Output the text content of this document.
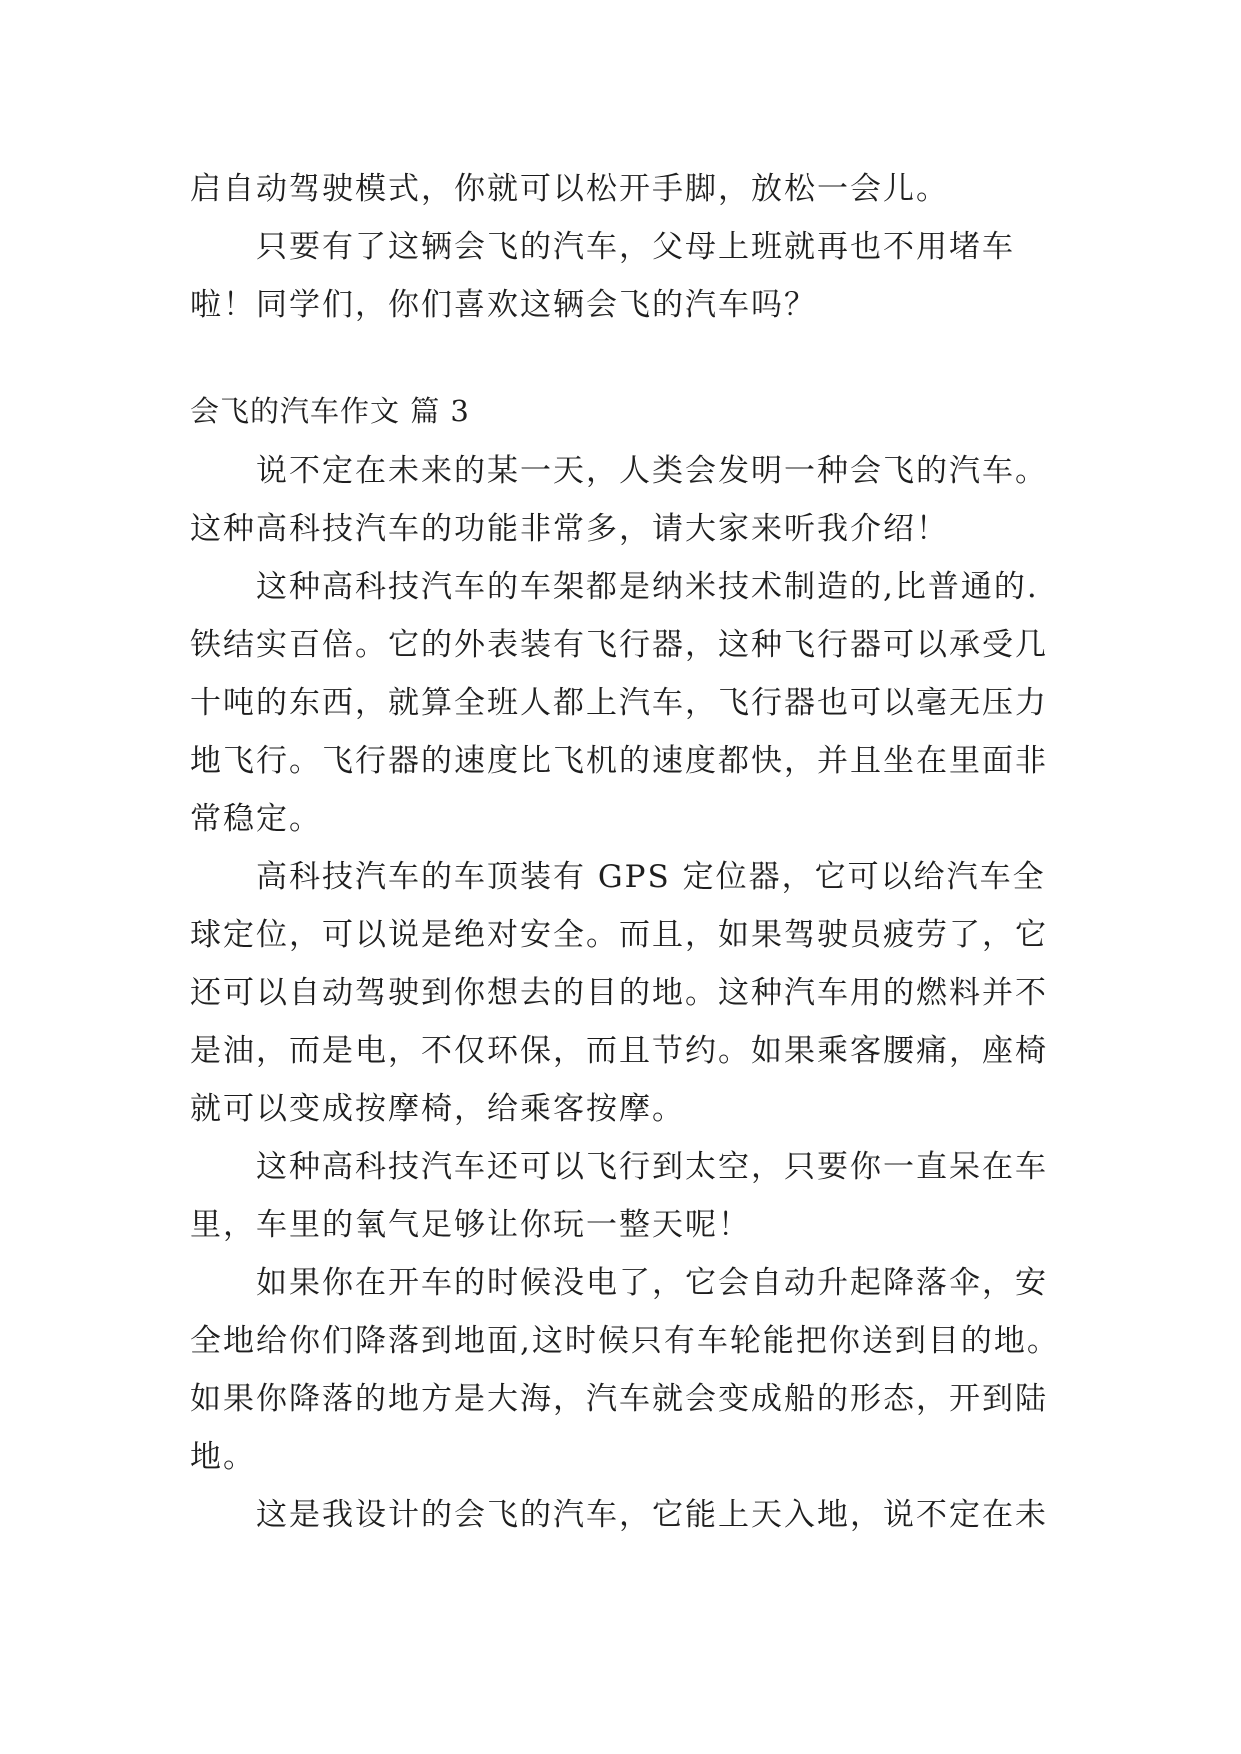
启自动驾驶模式，你就可以松开手脚，放松一会儿。

只要有了这辆会飞的汽车，父母上班就再也不用堵车啦！同学们，你们喜欢这辆会飞的汽车吗？

会飞的汽车作文 篇 3

说不定在未来的某一天，人类会发明一种会飞的汽车。这种高科技汽车的功能非常多，请大家来听我介绍！

这种高科技汽车的车架都是纳米技术制造的,比普通的.铁结实百倍。它的外表装有飞行器，这种飞行器可以承受几十吨的东西，就算全班人都上汽车，飞行器也可以毫无压力地飞行。飞行器的速度比飞机的速度都快，并且坐在里面非常稳定。

高科技汽车的车顶装有 GPS 定位器，它可以给汽车全球定位，可以说是绝对安全。而且，如果驾驶员疲劳了，它还可以自动驾驶到你想去的目的地。这种汽车用的燃料并不是油，而是电，不仅环保，而且节约。如果乘客腰痛，座椅就可以变成按摩椅，给乘客按摩。

这种高科技汽车还可以飞行到太空，只要你一直呆在车里，车里的氧气足够让你玩一整天呢！

如果你在开车的时候没电了，它会自动升起降落伞，安全地给你们降落到地面,这时候只有车轮能把你送到目的地。如果你降落的地方是大海，汽车就会变成船的形态，开到陆地。

这是我设计的会飞的汽车，它能上天入地，说不定在未
